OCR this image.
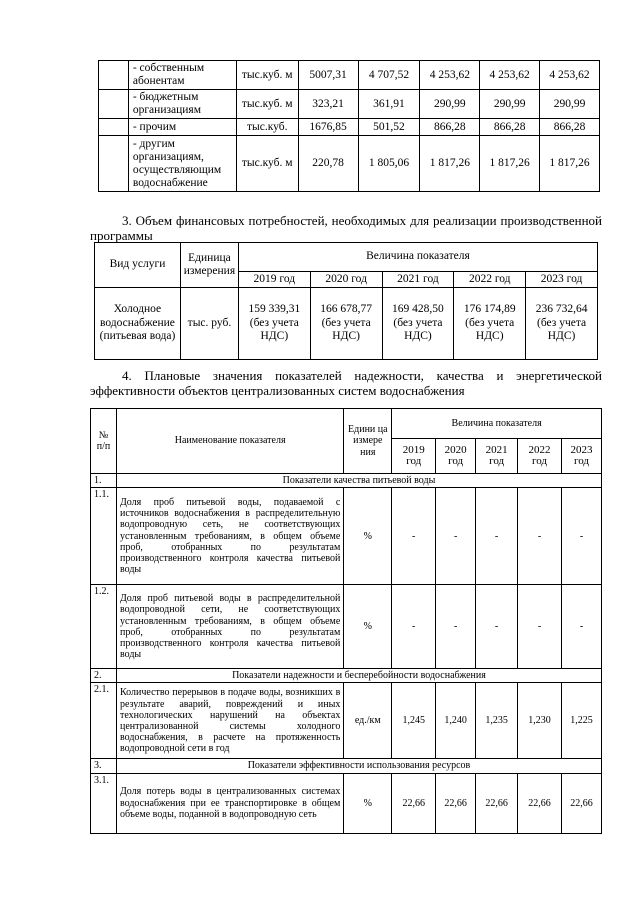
	- собственным абонентам	тыс.куб. м	5007,31	4 707,52	4 253,62	4 253,62	4 253,62
	- бюджетным организациям	тыс.куб. м	323,21	361,91	290,99	290,99	290,99
	- прочим	тыс.куб.	1676,85	501,52	866,28	866,28	866,28
	- другим организациям, осуществляющим водоснабжение	тыс.куб. м	220,78	1 805,06	1 817,26	1 817,26	1 817,26
3. Объем финансовых потребностей, необходимых для реализации производственной программы
Вид услуги	Единица измерения	Величина показателя				
		2019 год	2020 год	2021 год	2022 год	2023 год
Холодное водоснабжение (питьевая вода)	тыс. руб.	159 339,31 (без учета НДС)	166 678,77 (без учета НДС)	169 428,50 (без учета НДС)	176 174,89 (без учета НДС)	236 732,64 (без учета НДС)
4. Плановые значения показателей надежности, качества и энергетической эффективности объектов централизованных систем водоснабжения
№ п/п	Наименование показателя	Едини ца измере ния	Величина показателя				
			2019 год	2020 год	2021 год	2022 год	2023 год
1.	Показатели качества питьевой воды						
1.1.	Доля проб питьевой воды, подаваемой с источников водоснабжения в распределительную водопроводную сеть, не соответствующих установленным требованиям, в общем объеме проб, отобранных по результатам производственного контроля качества питьевой воды	%	-	-	-	-	-
1.2.	Доля проб питьевой воды в распределительной водопроводной сети, не соответствующих установленным требованиям, в общем объеме проб, отобранных по результатам производственного контроля качества питьевой воды	%	-	-	-	-	-
2.	Показатели надежности и бесперебойности водоснабжения						
2.1.	Количество перерывов в подаче воды, возникших в результате аварий, повреждений и иных технологических нарушений на объектах централизованной системы холодного водоснабжения, в расчете на протяженность водопроводной сети в год	ед./км	1,245	1,240	1,235	1,230	1,225
3.	Показатели эффективности использования ресурсов						
3.1.	Доля потерь воды в централизованных системах водоснабжения при ее транспортировке в общем объеме воды, поданной в водопроводную сеть	%	22,66	22,66	22,66	22,66	22,66
